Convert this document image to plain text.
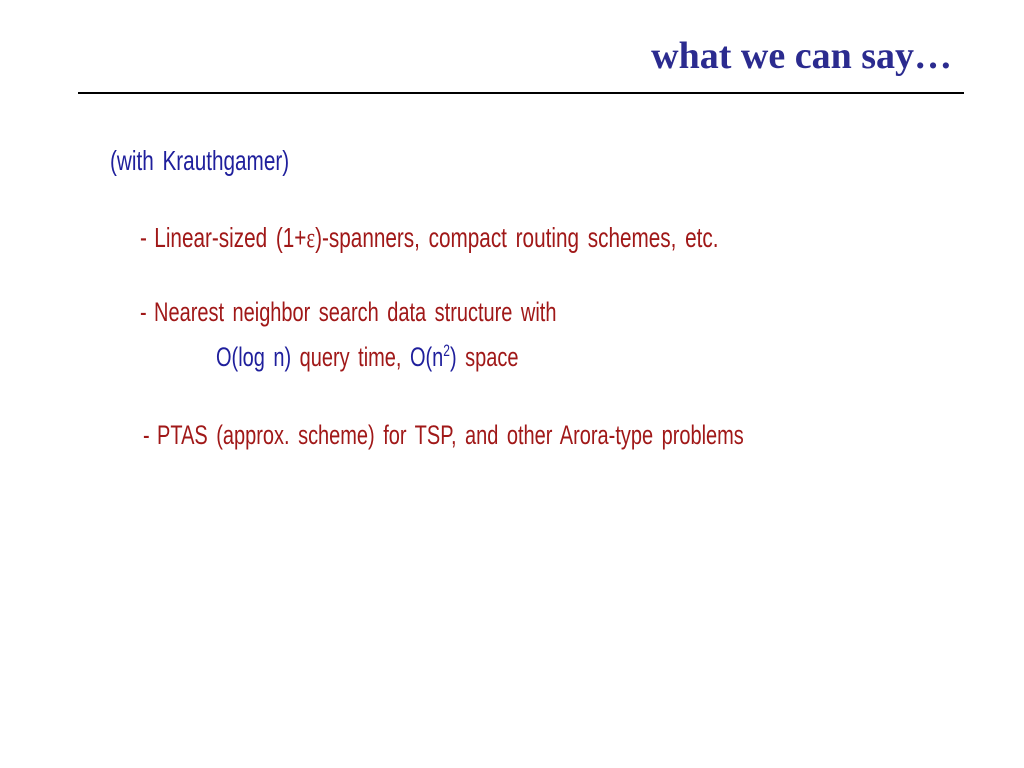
what we can say…
(with Krauthgamer)
- Linear-sized (1+ε)-spanners, compact routing schemes, etc.
- Nearest neighbor search data structure with
O(log n) query time, $O(n^2)$ space
- PTAS (approx. scheme) for TSP, and other Arora-type problems
